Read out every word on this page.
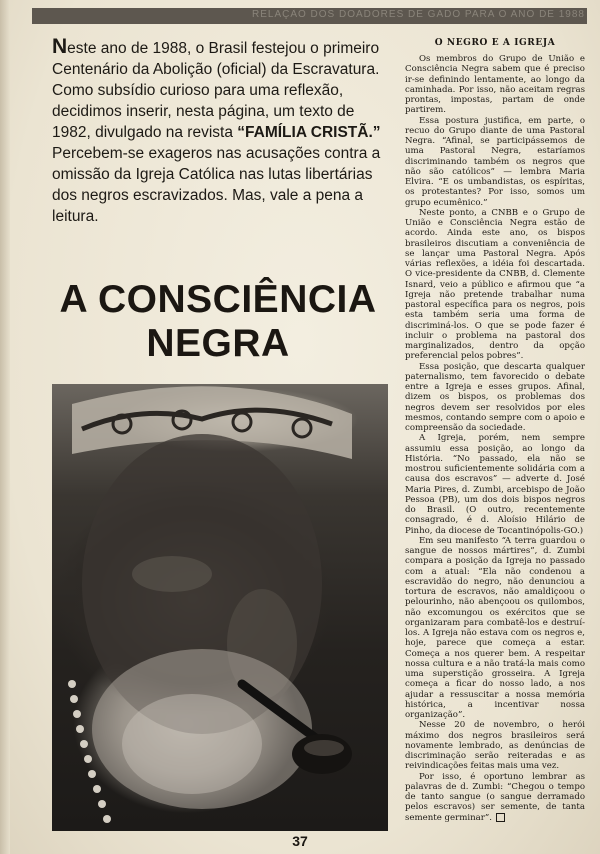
RELAÇÃO DOS DOADORES DE GADO PARA O ANO DE 1988
Neste ano de 1988, o Brasil festejou o primeiro Centenário da Abolição (oficial) da Escravatura. Como subsídio curioso para uma reflexão, decidimos inserir, nesta página, um texto de 1982, divulgado na revista “FAMÍLIA CRISTÃ.” Percebem-se exageros nas acusações contra a omissão da Igreja Católica nas lutas libertárias dos negros escravizados. Mas, vale a pena a leitura.
A CONSCIÊNCIA
NEGRA
O NEGRO E A IGREJA

Os membros do Grupo de União e Consciência Negra sabem que é preciso ir-se definindo lentamente, ao longo da caminhada. Por isso, não aceitam regras prontas, impostas, partam de onde partirem.

Essa postura justifica, em parte, o recuo do Grupo diante de uma Pastoral Negra. “Afinal, se participássemos de uma Pastoral Negra, estaríamos discriminando também os negros que não são católicos” — lembra Maria Elvira. “E os umbandistas, os espíritas, os protestantes? Por isso, somos um grupo ecumênico.”

Neste ponto, a CNBB e o Grupo de União e Consciência Negra estão de acordo. Ainda este ano, os bispos brasileiros discutiam a conveniência de se lançar uma Pastoral Negra. Após várias reflexões, a idéia foi descartada. O vice-presidente da CNBB, d. Clemente Isnard, veio a público e afirmou que “a Igreja não pretende trabalhar numa pastoral específica para os negros, pois esta também seria uma forma de discriminá-los. O que se pode fazer é incluir o problema na pastoral dos marginalizados, dentro da opção preferencial pelos pobres”.

Essa posição, que descarta qualquer paternalismo, tem favorecido o debate entre a Igreja e esses grupos. Afinal, dizem os bispos, os problemas dos negros devem ser resolvidos por eles mesmos, contando sempre com o apoio e compreensão da sociedade.

A Igreja, porém, nem sempre assumiu essa posição, ao longo da História. “No passado, ela não se mostrou suficientemente solidária com a causa dos escravos” — adverte d. José Maria Pires, d. Zumbi, arcebispo de João Pessoa (PB), um dos dois bispos negros do Brasil. (O outro, recentemente consagrado, é d. Aloísio Hilário de Pinho, da diocese de Tocantinópolis-GO.)

Em seu manifesto “A terra guardou o sangue de nossos mártires”, d. Zumbi compara a posição da Igreja no passado com a atual: “Ela não condenou a escravidão do negro, não denunciou a tortura de escravos, não amaldiçoou o pelourinho, não abençoou os quilombos, não excomungou os exércitos que se organizaram para combatê-los e destruí-los. A Igreja não estava com os negros e, hoje, parece que começa a estar. Começa a nos querer bem. A respeitar nossa cultura e a não tratá-la mais como uma superstição grosseira. A Igreja começa a ficar do nosso lado, a nos ajudar a ressuscitar a nossa memória histórica, a incentivar nossa organização”.

Nesse 20 de novembro, o herói máximo dos negros brasileiros será novamente lembrado, as denúncias de discriminação serão reiteradas e as reivindicações feitas mais uma vez.

Por isso, é oportuno lembrar as palavras de d. Zumbi: “Chegou o tempo de tanto sangue (o sangue derramado pelos escravos) ser semente, de tanta semente germinar”.

37
